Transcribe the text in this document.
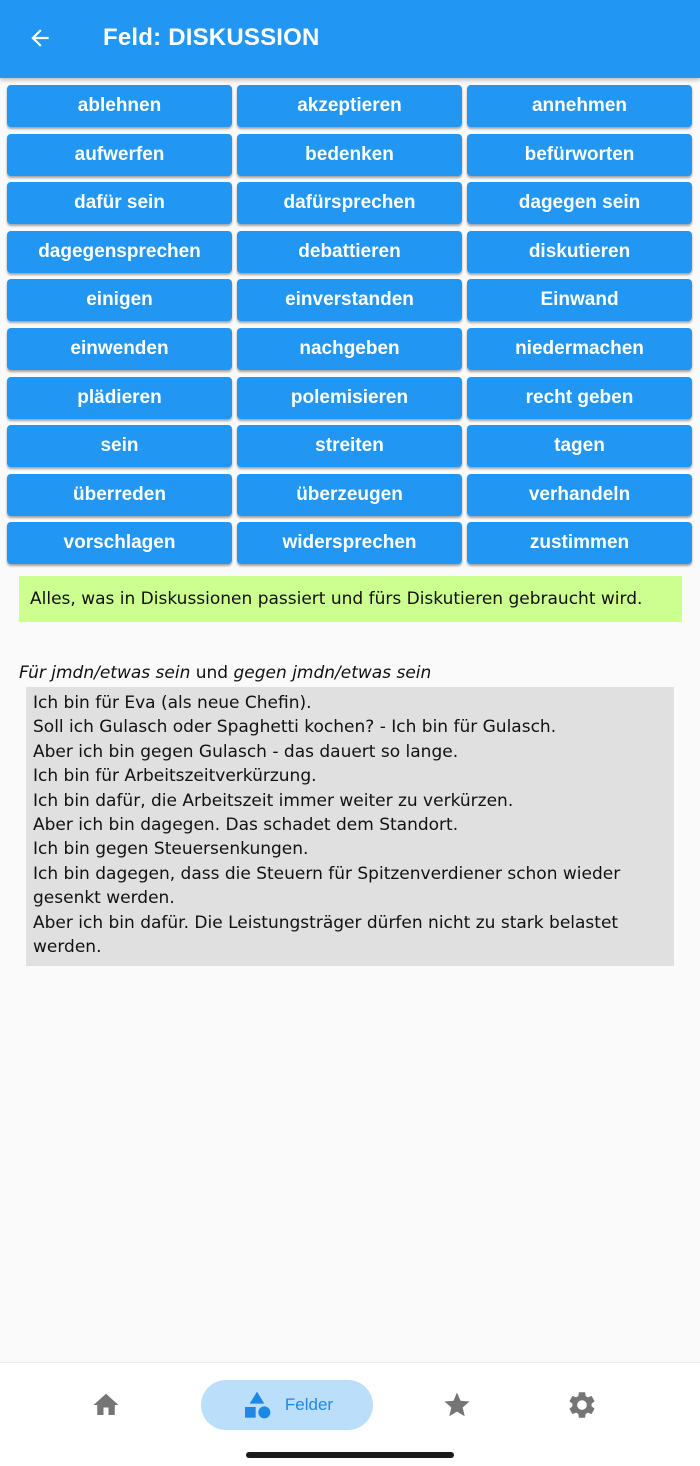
Feld: DISKUSSION
ablehnen	akzeptieren	annehmen
aufwerfen	bedenken	befürworten
dafür sein	dafürsprechen	dagegen sein
dagegensprechen	debattieren	diskutieren
einigen	einverstanden	Einwand
einwenden	nachgeben	niedermachen
plädieren	polemisieren	recht geben
sein	streiten	tagen
überreden	überzeugen	verhandeln
vorschlagen	widersprechen	zustimmen
Alles, was in Diskussionen passiert und fürs Diskutieren gebraucht wird.
Für jmdn/etwas sein und gegen jmdn/etwas sein
Ich bin für Eva (als neue Chefin).
Soll ich Gulasch oder Spaghetti kochen? - Ich bin für Gulasch.
Aber ich bin gegen Gulasch - das dauert so lange.
Ich bin für Arbeitszeitverkürzung.
Ich bin dafür, die Arbeitszeit immer weiter zu verkürzen.
Aber ich bin dagegen. Das schadet dem Standort.
Ich bin gegen Steuersenkungen.
Ich bin dagegen, dass die Steuern für Spitzenverdiener schon wieder gesenkt werden.
Aber ich bin dafür. Die Leistungsträger dürfen nicht zu stark belastet werden.
Felder
